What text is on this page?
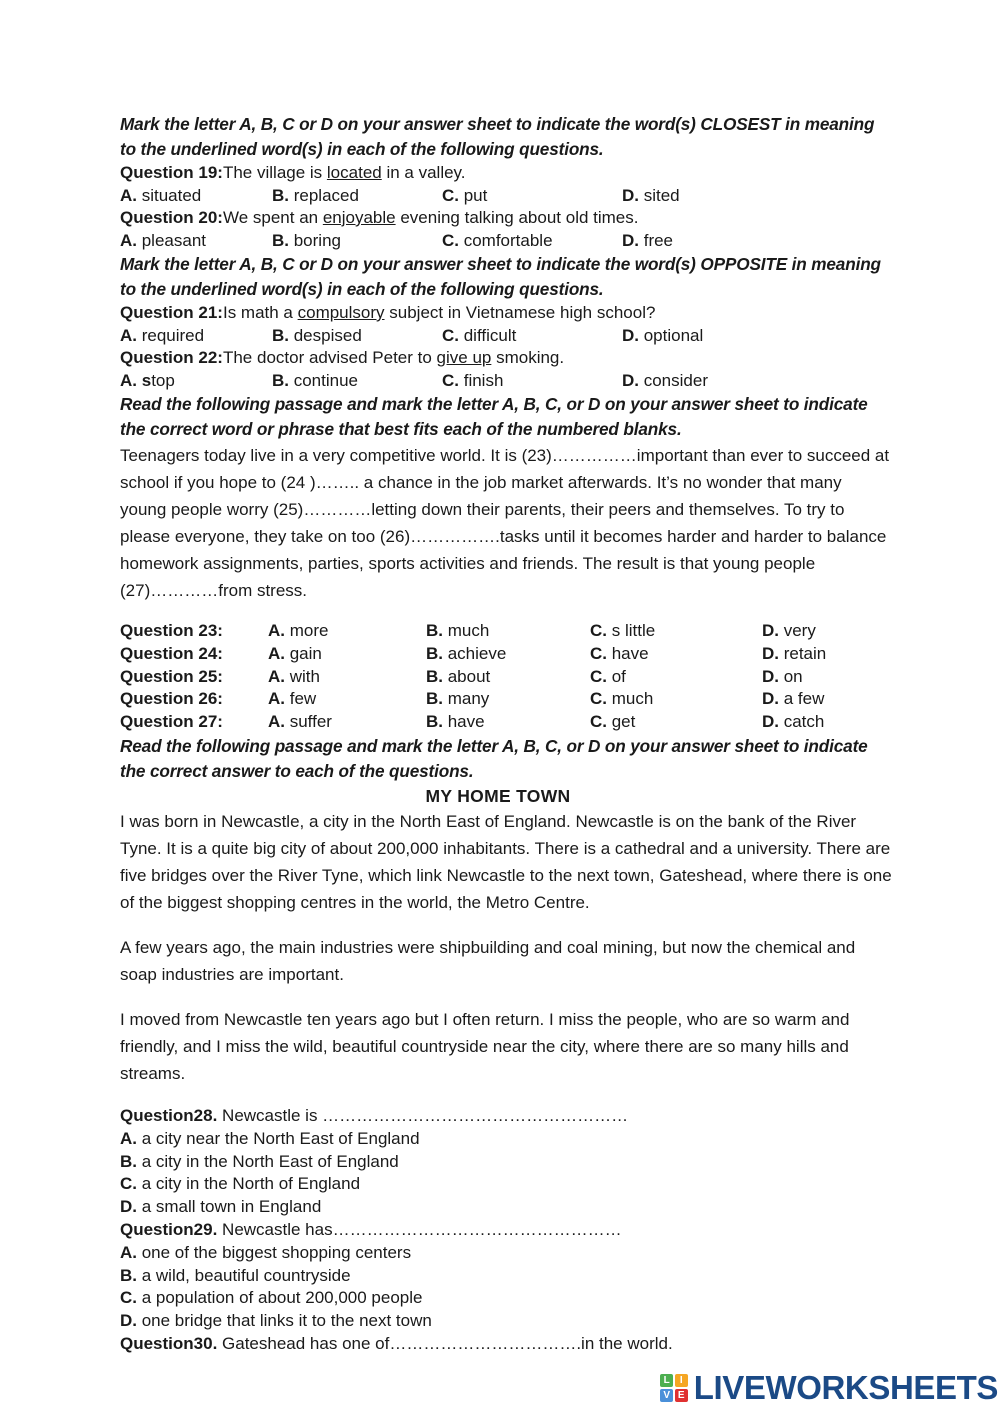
Mark the letter A, B, C or D on your answer sheet to indicate the word(s) CLOSEST in meaning to the underlined word(s) in each of the following questions.

Question 19:The village is located in a valley.

A. situated	B. replaced	C. put	D. sited

Question 20:We spent an enjoyable evening talking about old times.

A. pleasant	B. boring	C. comfortable	D. free

Mark the letter A, B, C or D on your answer sheet to indicate the word(s) OPPOSITE in meaning to the underlined word(s) in each of the following questions.

Question 21:Is math a compulsory subject in Vietnamese high school?

A. required	B. despised	C. difficult	D. optional

Question 22:The doctor advised Peter to give up smoking.

A. stop	B. continue	C. finish	D. consider

Read the following passage and mark the letter A, B, C, or D on your answer sheet to indicate the correct word or phrase that best fits each of the numbered blanks.

Teenagers today live in a very competitive world. It is (23)……………important than ever to succeed at school if you hope to (24 )…….. a chance in the job market afterwards. It’s no wonder that many young people worry (25)…………letting down their parents, their peers and themselves. To try to please everyone, they take on too (26)…………….tasks until it becomes harder and harder to balance homework assignments, parties, sports activities and friends. The result is that young people (27)…………from stress.

Question 23:	A. more	B. much	C. s little	D. very

Question 24:	A. gain	B. achieve	C. have	D. retain

Question 25:	A. with	B. about	C. of	D. on

Question 26:	A. few	B. many	C. much	D. a few

Question 27:	A. suffer	B. have	C. get	D. catch

Read the following passage and mark the letter A, B, C, or D on your answer sheet to indicate the correct answer to each of the questions.

MY HOME TOWN

I was born in Newcastle, a city in the North East of England. Newcastle is on the bank of the River Tyne. It is a quite big city of about 200,000 inhabitants. There is a cathedral and a university. There are five bridges over the River Tyne, which link Newcastle to the next town, Gateshead, where there is one of the biggest shopping centres in the world, the Metro Centre.

A few years ago, the main industries were shipbuilding and coal mining, but now the chemical and soap industries are important.

I moved from Newcastle ten years ago but I often return. I miss the people, who are so warm and friendly, and I miss the wild, beautiful countryside near the city, where there are so many hills and streams.

Question28. Newcastle is ………………………………………………

A. a city near the North East of England

B. a city in the North East of England

C. a city in the North of England

D. a small town in England

Question29. Newcastle has……………………………………………

A. one of the biggest shopping centers

B. a wild, beautiful countryside

C. a population of about 200,000 people

D. one bridge that links it to the next town

Question30. Gateshead has one of…………………………….in the world.

L	I
V E LIVEWORKSHEETS
